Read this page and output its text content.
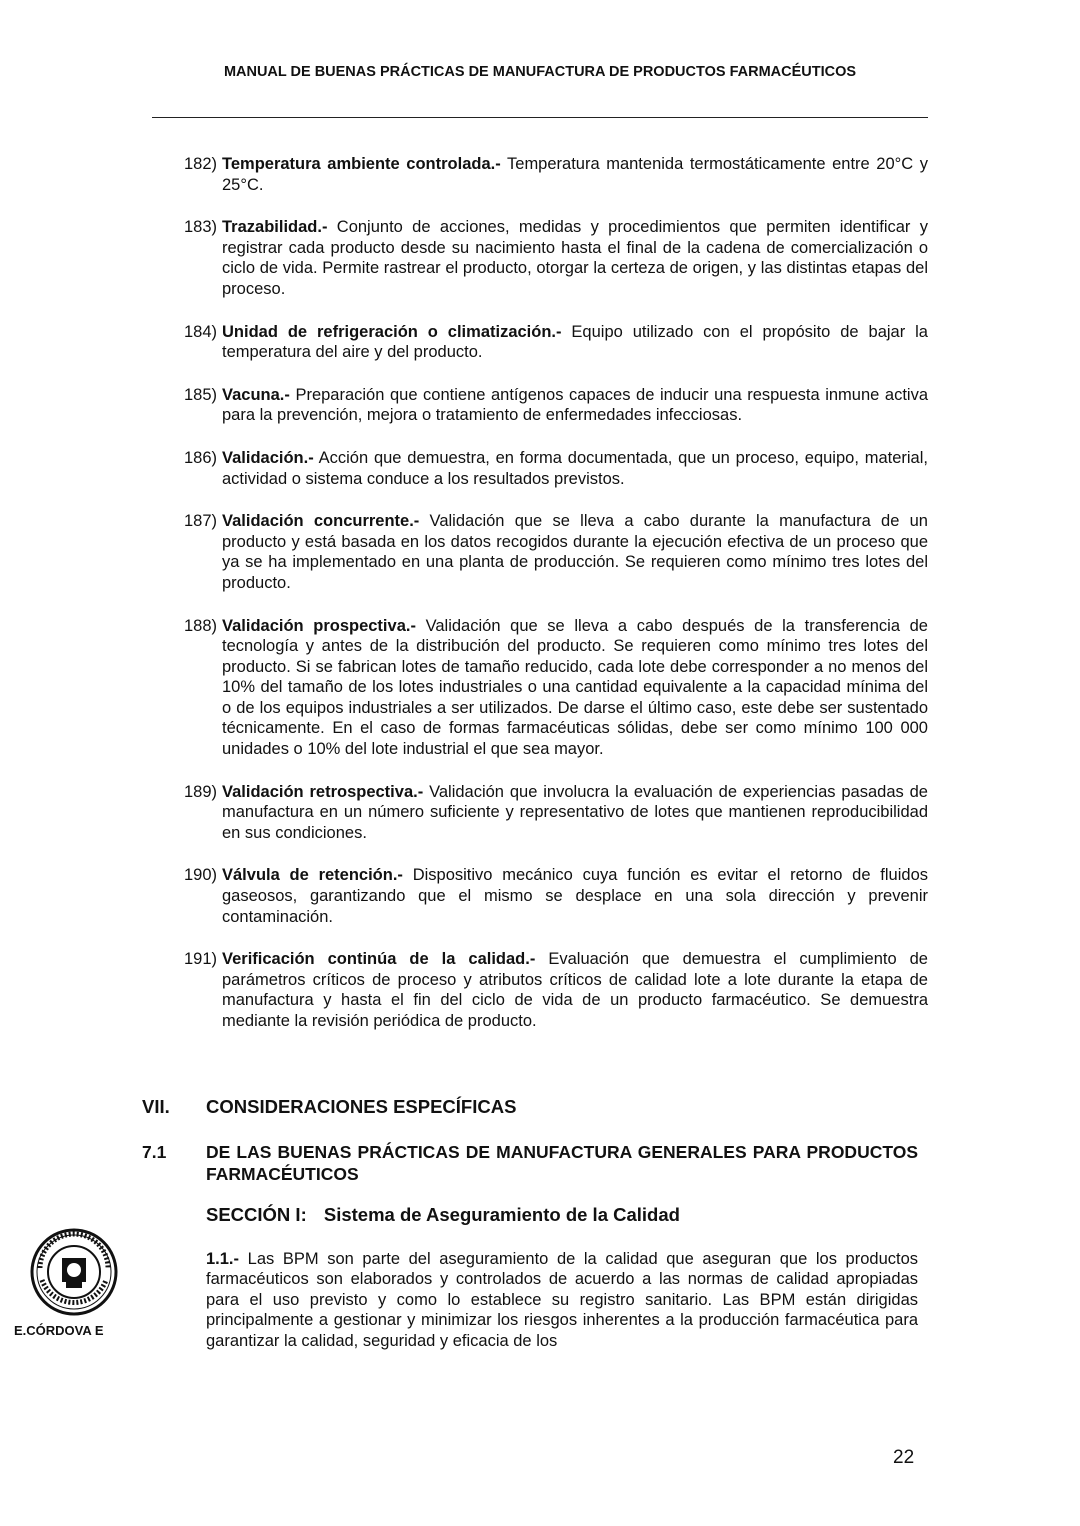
MANUAL DE BUENAS PRÁCTICAS DE MANUFACTURA DE PRODUCTOS FARMACÉUTICOS
182) Temperatura ambiente controlada.- Temperatura mantenida termostáticamente entre 20°C y 25°C.
183) Trazabilidad.- Conjunto de acciones, medidas y procedimientos que permiten identificar y registrar cada producto desde su nacimiento hasta el final de la cadena de comercialización o ciclo de vida. Permite rastrear el producto, otorgar la certeza de origen, y las distintas etapas del proceso.
184) Unidad de refrigeración o climatización.- Equipo utilizado con el propósito de bajar la temperatura del aire y del producto.
185) Vacuna.- Preparación que contiene antígenos capaces de inducir una respuesta inmune activa para la prevención, mejora o tratamiento de enfermedades infecciosas.
186) Validación.- Acción que demuestra, en forma documentada, que un proceso, equipo, material, actividad o sistema conduce a los resultados previstos.
187) Validación concurrente.- Validación que se lleva a cabo durante la manufactura de un producto y está basada en los datos recogidos durante la ejecución efectiva de un proceso que ya se ha implementado en una planta de producción. Se requieren como mínimo tres lotes del producto.
188) Validación prospectiva.- Validación que se lleva a cabo después de la transferencia de tecnología y antes de la distribución del producto. Se requieren como mínimo tres lotes del producto. Si se fabrican lotes de tamaño reducido, cada lote debe corresponder a no menos del 10% del tamaño de los lotes industriales o una cantidad equivalente a la capacidad mínima del o de los equipos industriales a ser utilizados. De darse el último caso, este debe ser sustentado técnicamente. En el caso de formas farmacéuticas sólidas, debe ser como mínimo 100 000 unidades o 10% del lote industrial el que sea mayor.
189) Validación retrospectiva.- Validación que involucra la evaluación de experiencias pasadas de manufactura en un número suficiente y representativo de lotes que mantienen reproducibilidad en sus condiciones.
190) Válvula de retención.- Dispositivo mecánico cuya función es evitar el retorno de fluidos gaseosos, garantizando que el mismo se desplace en una sola dirección y prevenir contaminación.
191) Verificación continúa de la calidad.- Evaluación que demuestra el cumplimiento de parámetros críticos de proceso y atributos críticos de calidad lote a lote durante la etapa de manufactura y hasta el fin del ciclo de vida de un producto farmacéutico. Se demuestra mediante la revisión periódica de producto.
VII. CONSIDERACIONES ESPECÍFICAS
7.1 DE LAS BUENAS PRÁCTICAS DE MANUFACTURA GENERALES PARA PRODUCTOS FARMACÉUTICOS
SECCIÓN I: Sistema de Aseguramiento de la Calidad
1.1.- Las BPM son parte del aseguramiento de la calidad que aseguran que los productos farmacéuticos son elaborados y controlados de acuerdo a las normas de calidad apropiadas para el uso previsto y como lo establece su registro sanitario. Las BPM están dirigidas principalmente a gestionar y minimizar los riesgos inherentes a la producción farmacéutica para garantizar la calidad, seguridad y eficacia de los
E.CÓRDOVA E
22
